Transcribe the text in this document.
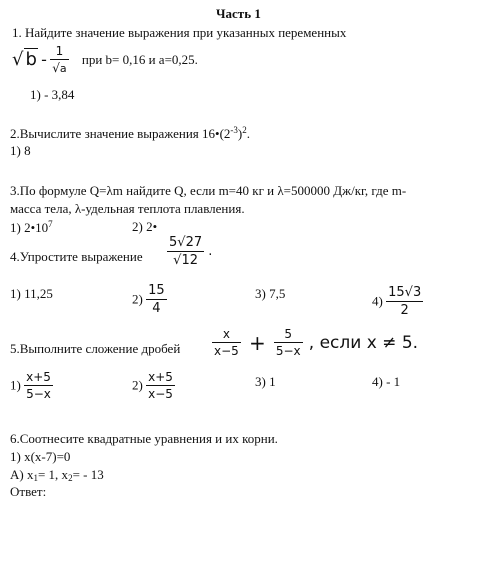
Часть 1
1. Найдите значение выражения при указанных переменных
√ b - $\frac{1}{√a}$ при b= 0,16 и а=0,25.
1) - 3,84
2.Вычислите значение выражения $16•(2^{-3})^2$.
1) 8
3.По формуле Q=λm найдите Q, если m=40 кг и λ=500000 Дж/кг, где m-
масса тела, λ-удельная теплота плавления.
1) $2•10^7$	2) 2•
4.Упростите выражение $\frac{5√27}{√12}$ .
1) 11,25	$2) \frac{15}{4}$	3) 7,5	$4) \frac{15√3}{2}$
5.Выполните сложение дробей	$\frac{x}{x-5} + \frac{5}{5-x}$ , если x ≠ 5.
$1) \frac{x+5}{5-x}$	$2) \frac{x+5}{x-5}$	3) 1	4) - 1
6.Соотнесите квадратные уравнения и их корни.
1) x(x-7)=0
А) $x_1= 1$, $x_2= - 13$
Ответ:
